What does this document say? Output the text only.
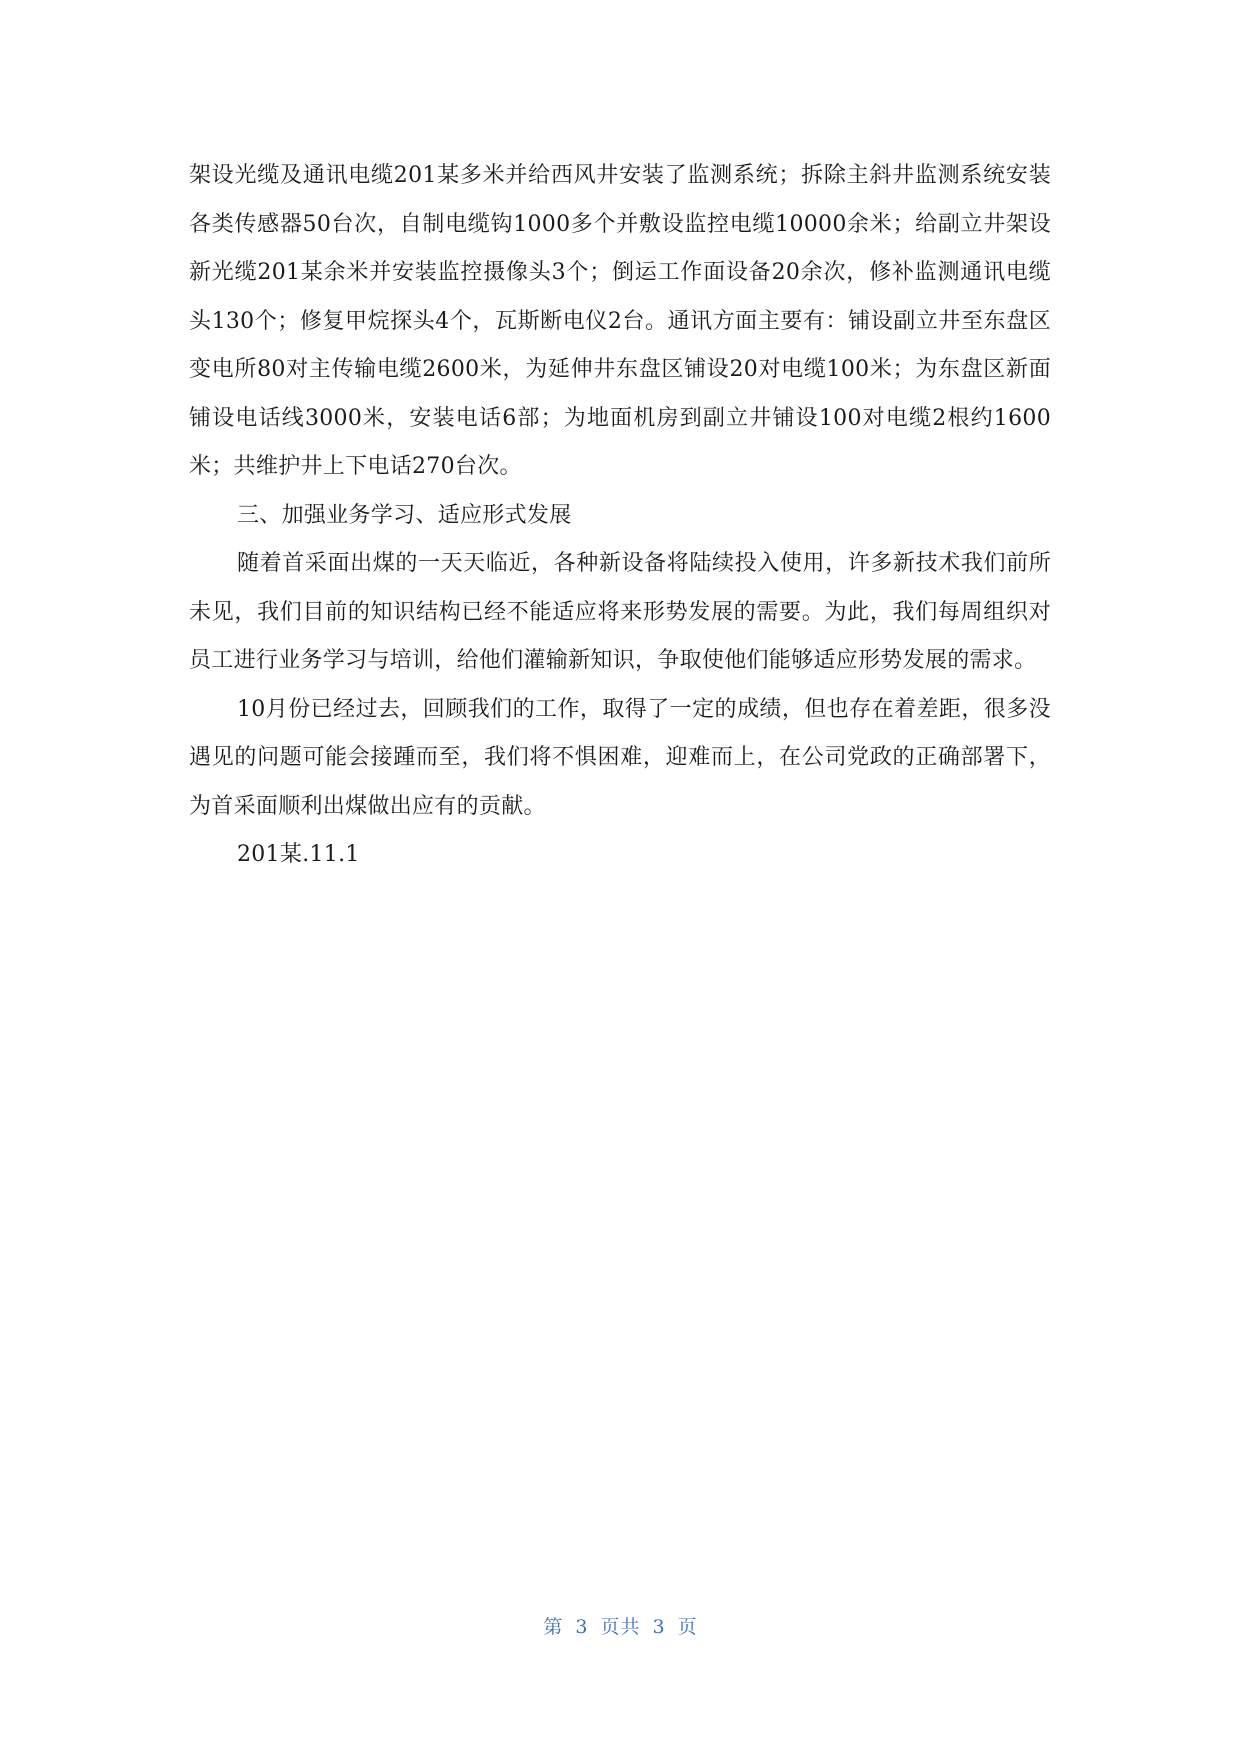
架设光缆及通讯电缆201某多米并给西风井安装了监测系统；拆除主斜井监测系统安装各类传感器50台次，自制电缆钩1000多个并敷设监控电缆10000余米；给副立井架设新光缆201某余米并安装监控摄像头3个；倒运工作面设备20余次，修补监测通讯电缆头130个；修复甲烷探头4个，瓦斯断电仪2台。通讯方面主要有：铺设副立井至东盘区变电所80对主传输电缆2600米，为延伸井东盘区铺设20对电缆100米；为东盘区新面铺设电话线3000米，安装电话6部；为地面机房到副立井铺设100对电缆2根约1600米；共维护井上下电话270台次。

三、加强业务学习、适应形式发展

随着首采面出煤的一天天临近，各种新设备将陆续投入使用，许多新技术我们前所未见，我们目前的知识结构已经不能适应将来形势发展的需要。为此，我们每周组织对员工进行业务学习与培训，给他们灌输新知识，争取使他们能够适应形势发展的需求。

10月份已经过去，回顾我们的工作，取得了一定的成绩，但也存在着差距，很多没遇见的问题可能会接踵而至，我们将不惧困难，迎难而上，在公司党政的正确部署下，为首采面顺利出煤做出应有的贡献。

201某.11.1

第 3 页共 3 页
